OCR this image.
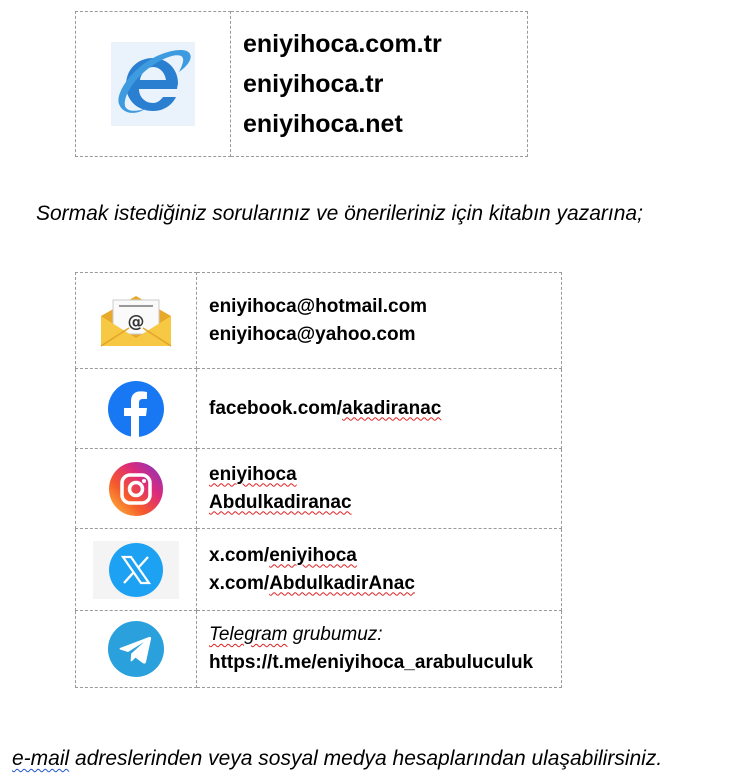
eniyihoca.com.tr
eniyihoca.tr
eniyihoca.net
Sormak istediğiniz sorularınız ve önerileriniz için kitabın yazarına;
@	eniyihoca@hotmail.com
eniyihoca@yahoo.com

facebook.com/akadiranac

eniyihoca
Abdulkadiranac

x.com/eniyihoca
x.com/AbdulkadirAnac

Telegram grubumuz:
https://t.me/eniyihoca_arabuluculuk
e-mail adreslerinden veya sosyal medya hesaplarından ulaşabilirsiniz.
